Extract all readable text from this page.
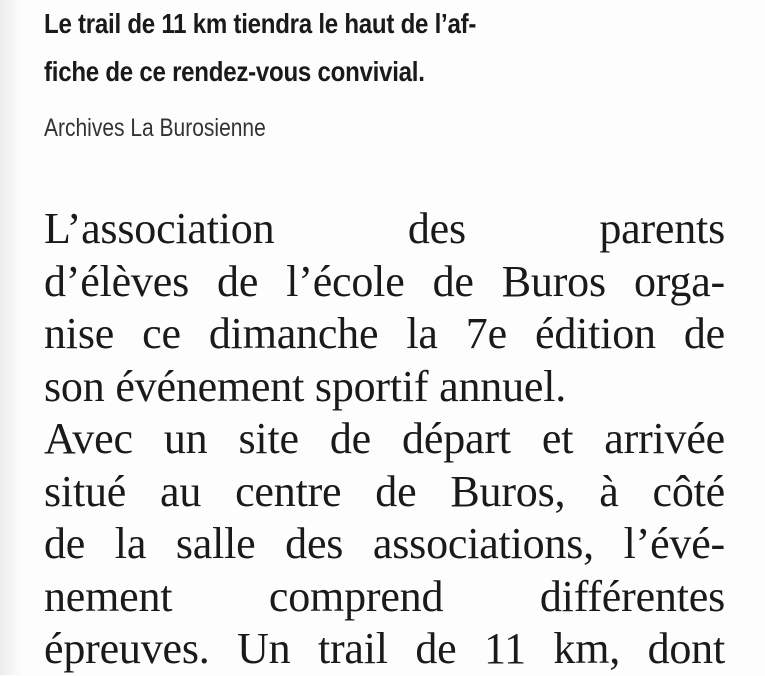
Le trail de 11 km tiendra le haut de l’af-
fiche de ce rendez-vous convivial.
Archives La Burosienne
L’association des parents
d’élèves de l’école de Buros orga-
nise ce dimanche la 7e édition de
son événement sportif annuel.
Avec un site de départ et arrivée
situé au centre de Buros, à côté
de la salle des associations, l’évé-
nement comprend différentes
épreuves. Un trail de 11 km, dont
